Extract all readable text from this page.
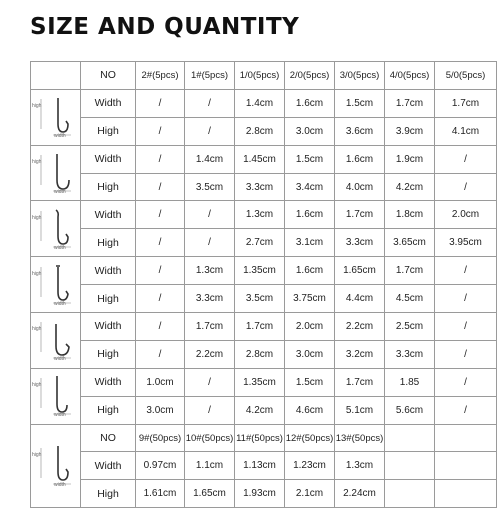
SIZE AND QUANTITY
	NO	2#(5pcs)	1#(5pcs)	1/0(5pcs)	2/0(5pcs)	3/0(5pcs)	4/0(5pcs)	5/0(5pcs)

high
width	Width	/	/	1.4cm	1.6cm	1.5cm	1.7cm	1.7cm
	High	/	/	2.8cm	3.0cm	3.6cm	3.9cm	4.1cm

high
width	Width	/	1.4cm	1.45cm	1.5cm	1.6cm	1.9cm	/
	High	/	3.5cm	3.3cm	3.4cm	4.0cm	4.2cm	/

high
width	Width	/	/	1.3cm	1.6cm	1.7cm	1.8cm	2.0cm
	High	/	/	2.7cm	3.1cm	3.3cm	3.65cm	3.95cm

high
width	Width	/	1.3cm	1.35cm	1.6cm	1.65cm	1.7cm	/
	High	/	3.3cm	3.5cm	3.75cm	4.4cm	4.5cm	/

high
width	Width	/	1.7cm	1.7cm	2.0cm	2.2cm	2.5cm	/
	High	/	2.2cm	2.8cm	3.0cm	3.2cm	3.3cm	/

high
width	Width	1.0cm	/	1.35cm	1.5cm	1.7cm	1.85	/
	High	3.0cm	/	4.2cm	4.6cm	5.1cm	5.6cm	/

high
width	NO	9#(50pcs)	10#(50pcs)	11#(50pcs)	12#(50pcs)	13#(50pcs)		
	Width	0.97cm	1.1cm	1.13cm	1.23cm	1.3cm		
	High	1.61cm	1.65cm	1.93cm	2.1cm	2.24cm		
